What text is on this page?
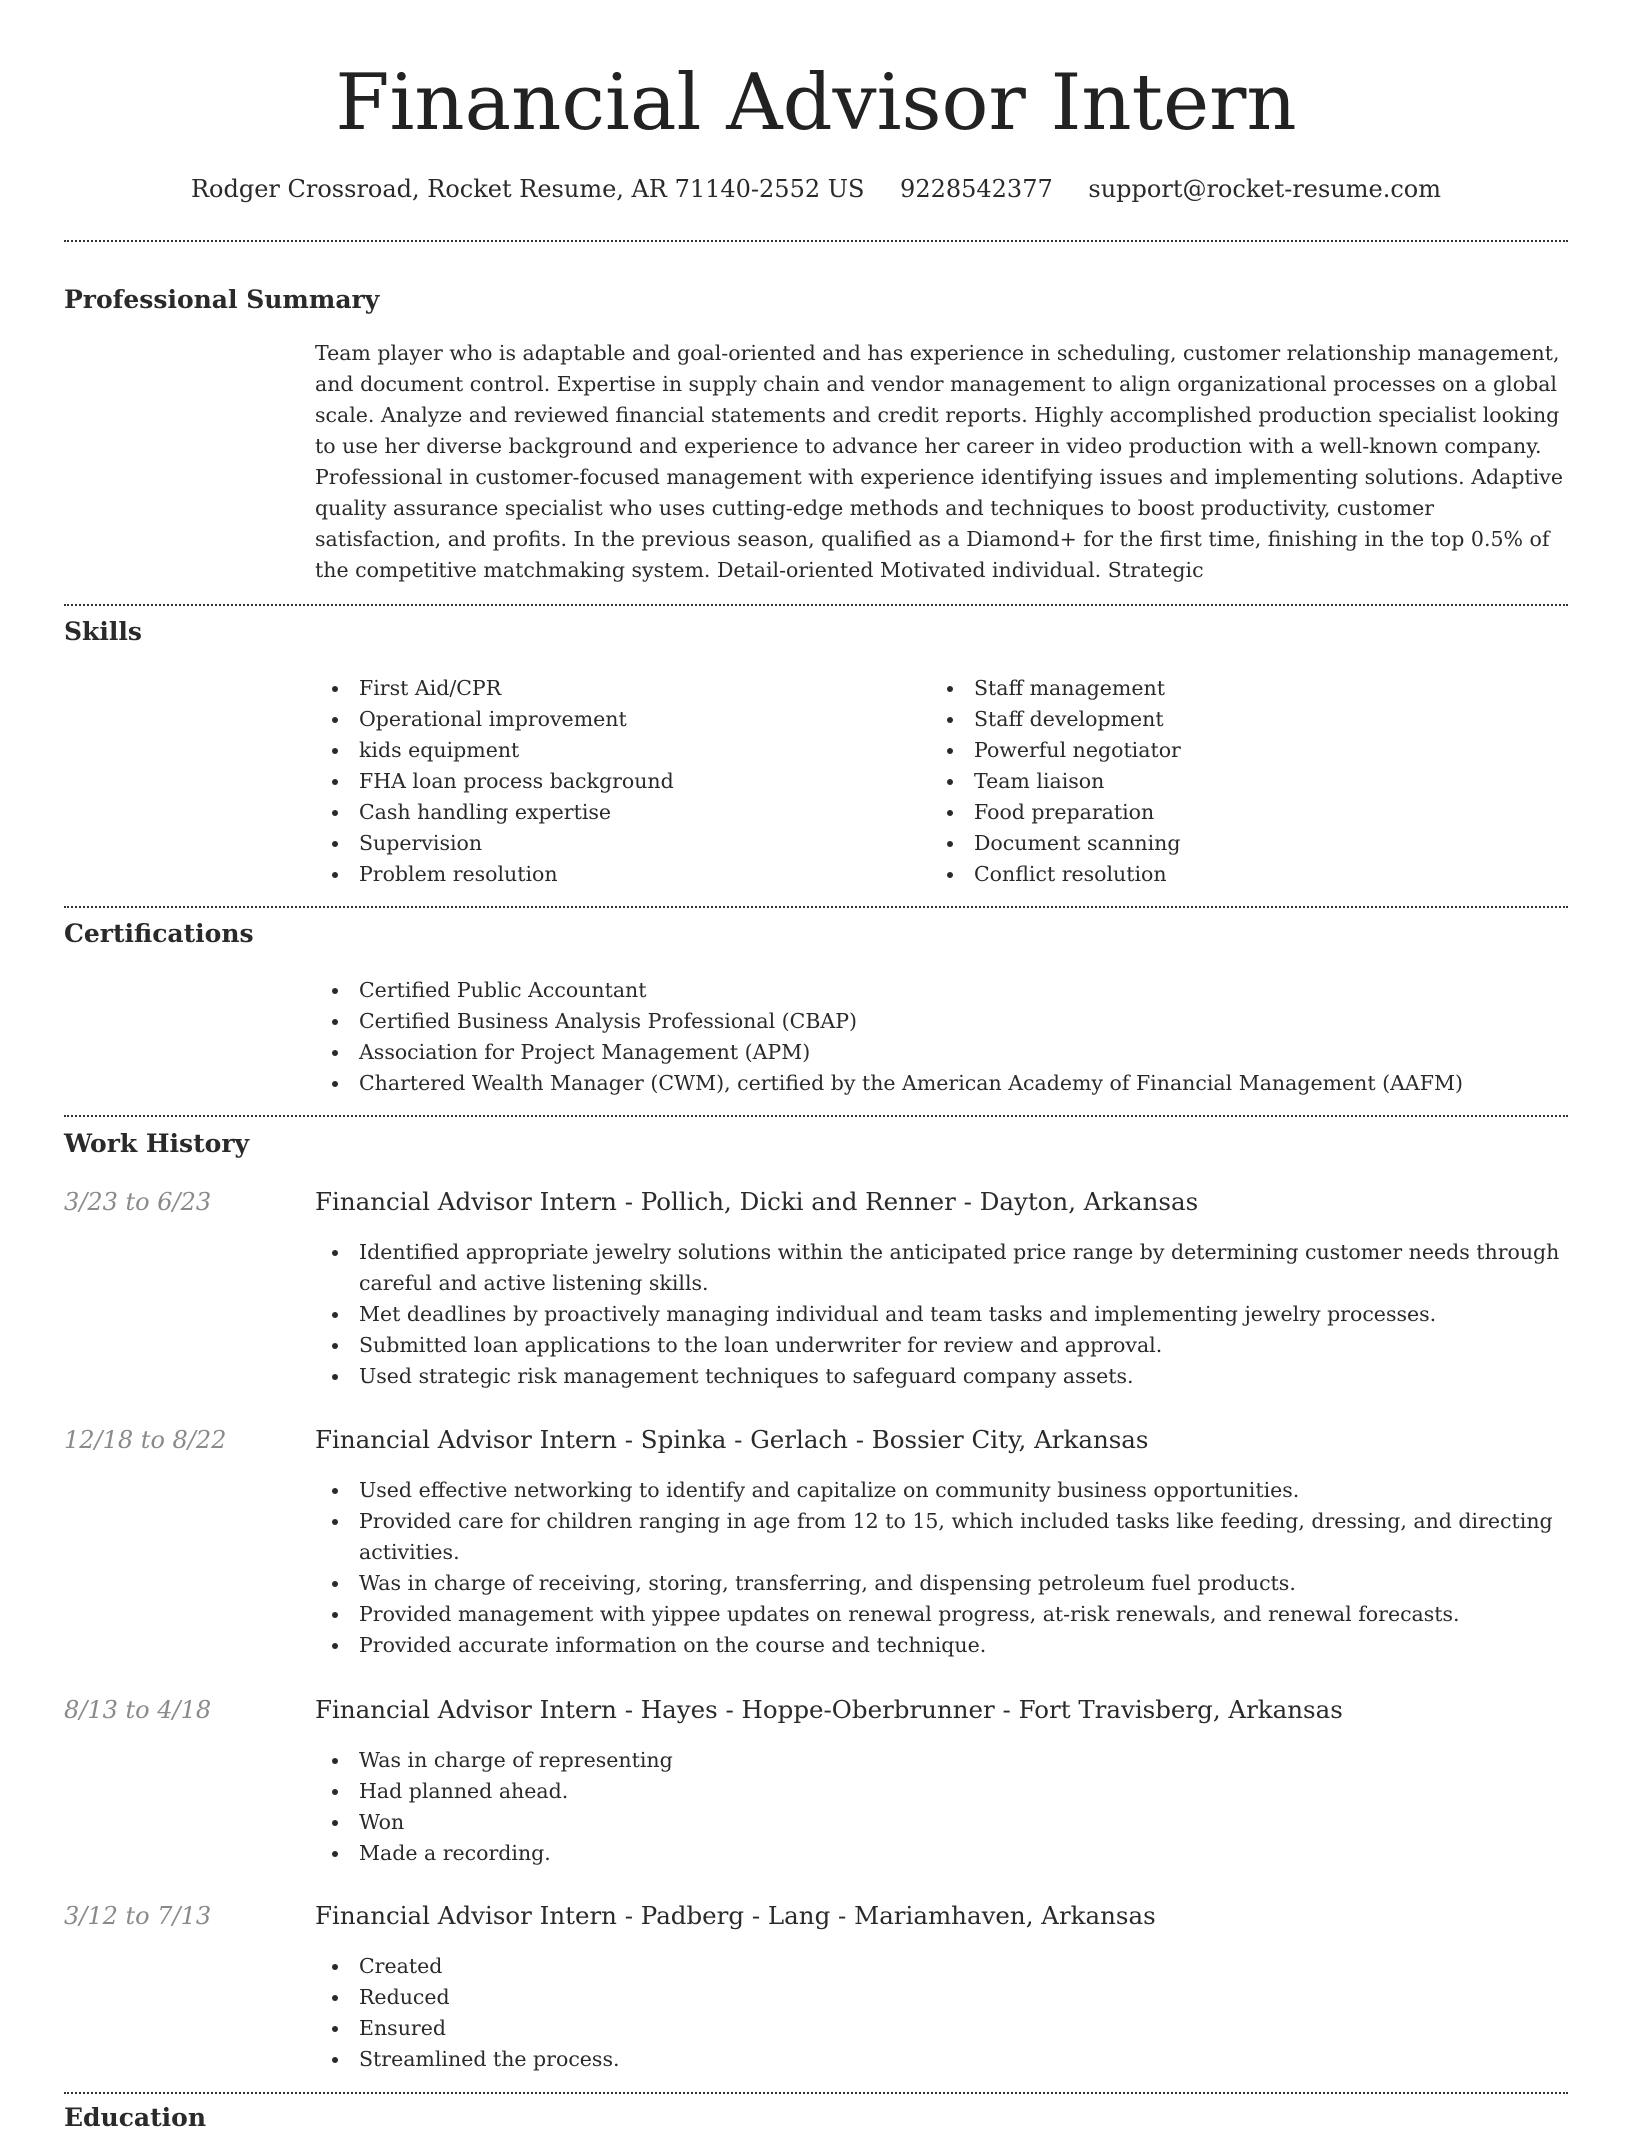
Financial Advisor Intern
Rodger Crossroad, Rocket Resume, AR 71140-2552 US 9228542377 support@rocket-resume.com
Professional Summary

Team player who is adaptable and goal-oriented and has experience in scheduling, customer relationship management, and document control. Expertise in supply chain and vendor management to align organizational processes on a global scale. Analyze and reviewed financial statements and credit reports. Highly accomplished production specialist looking to use her diverse background and experience to advance her career in video production with a well-known company. Professional in customer-focused management with experience identifying issues and implementing solutions. Adaptive quality assurance specialist who uses cutting-edge methods and techniques to boost productivity, customer satisfaction, and profits. In the previous season, qualified as a Diamond+ for the first time, finishing in the top 0.5% of the competitive matchmaking system. Detail-oriented Motivated individual. Strategic

Skills
First Aid/CPR
Operational improvement
kids equipment
FHA loan process background
Cash handling expertise
Supervision
Problem resolution
Staff management
Staff development
Powerful negotiator
Team liaison
Food preparation
Document scanning
Conflict resolution
Certifications
Certified Public Accountant
Certified Business Analysis Professional (CBAP)
Association for Project Management (APM)
Chartered Wealth Manager (CWM), certified by the American Academy of Financial Management (AAFM)
Work History
3/23 to 6/23	Financial Advisor Intern - Pollich, Dicki and Renner - Dayton, Arkansas
Identified appropriate jewelry solutions within the anticipated price range by determining customer needs through careful and active listening skills.
Met deadlines by proactively managing individual and team tasks and implementing jewelry processes.
Submitted loan applications to the loan underwriter for review and approval.
Used strategic risk management techniques to safeguard company assets.
12/18 to 8/22	Financial Advisor Intern - Spinka - Gerlach - Bossier City, Arkansas
Used effective networking to identify and capitalize on community business opportunities.
Provided care for children ranging in age from 12 to 15, which included tasks like feeding, dressing, and directing activities.
Was in charge of receiving, storing, transferring, and dispensing petroleum fuel products.
Provided management with yippee updates on renewal progress, at-risk renewals, and renewal forecasts.
Provided accurate information on the course and technique.
8/13 to 4/18	Financial Advisor Intern - Hayes - Hoppe-Oberbrunner - Fort Travisberg, Arkansas
Was in charge of representing
Had planned ahead.
Won
Made a recording.
3/12 to 7/13	Financial Advisor Intern - Padberg - Lang - Mariamhaven, Arkansas
Created
Reduced
Ensured
Streamlined the process.
Education
